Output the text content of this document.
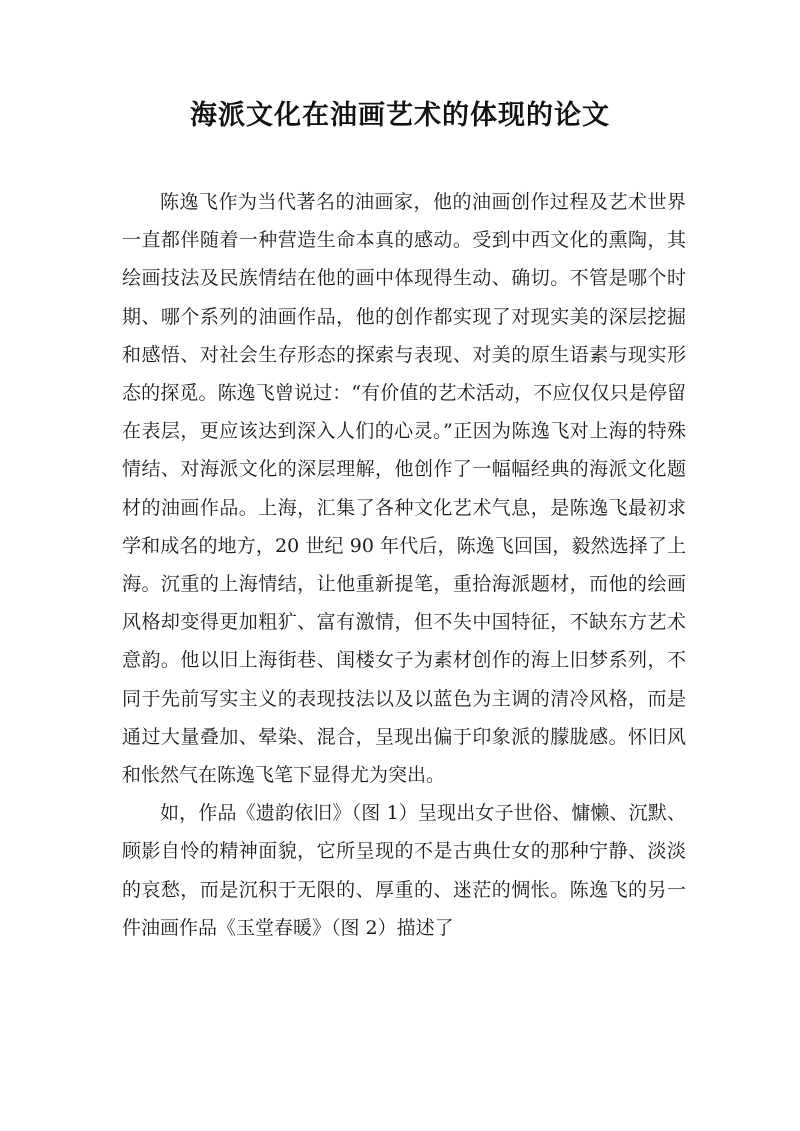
海派文化在油画艺术的体现的论文

陈逸飞作为当代著名的油画家，他的油画创作过程及艺术世界一直都伴随着一种营造生命本真的感动。受到中西文化的熏陶，其绘画技法及民族情结在他的画中体现得生动、确切。不管是哪个时期、哪个系列的油画作品，他的创作都实现了对现实美的深层挖掘和感悟、对社会生存形态的探索与表现、对美的原生语素与现实形态的探觅。陈逸飞曾说过：“有价值的艺术活动，不应仅仅只是停留在表层，更应该达到深入人们的心灵。”正因为陈逸飞对上海的特殊情结、对海派文化的深层理解，他创作了一幅幅经典的海派文化题材的油画作品。上海，汇集了各种文化艺术气息，是陈逸飞最初求学和成名的地方，20 世纪 90 年代后，陈逸飞回国，毅然选择了上海。沉重的上海情结，让他重新提笔，重拾海派题材，而他的绘画风格却变得更加粗犷、富有激情，但不失中国特征，不缺东方艺术意韵。他以旧上海街巷、闺楼女子为素材创作的海上旧梦系列，不同于先前写实主义的表现技法以及以蓝色为主调的清冷风格，而是通过大量叠加、晕染、混合，呈现出偏于印象派的朦胧感。怀旧风和怅然气在陈逸飞笔下显得尤为突出。

如，作品《遗韵依旧》（图 1）呈现出女子世俗、慵懒、沉默、顾影自怜的精神面貌，它所呈现的不是古典仕女的那种宁静、淡淡的哀愁，而是沉积于无限的、厚重的、迷茫的惆怅。陈逸飞的另一件油画作品《玉堂春暖》（图 2）描述了
